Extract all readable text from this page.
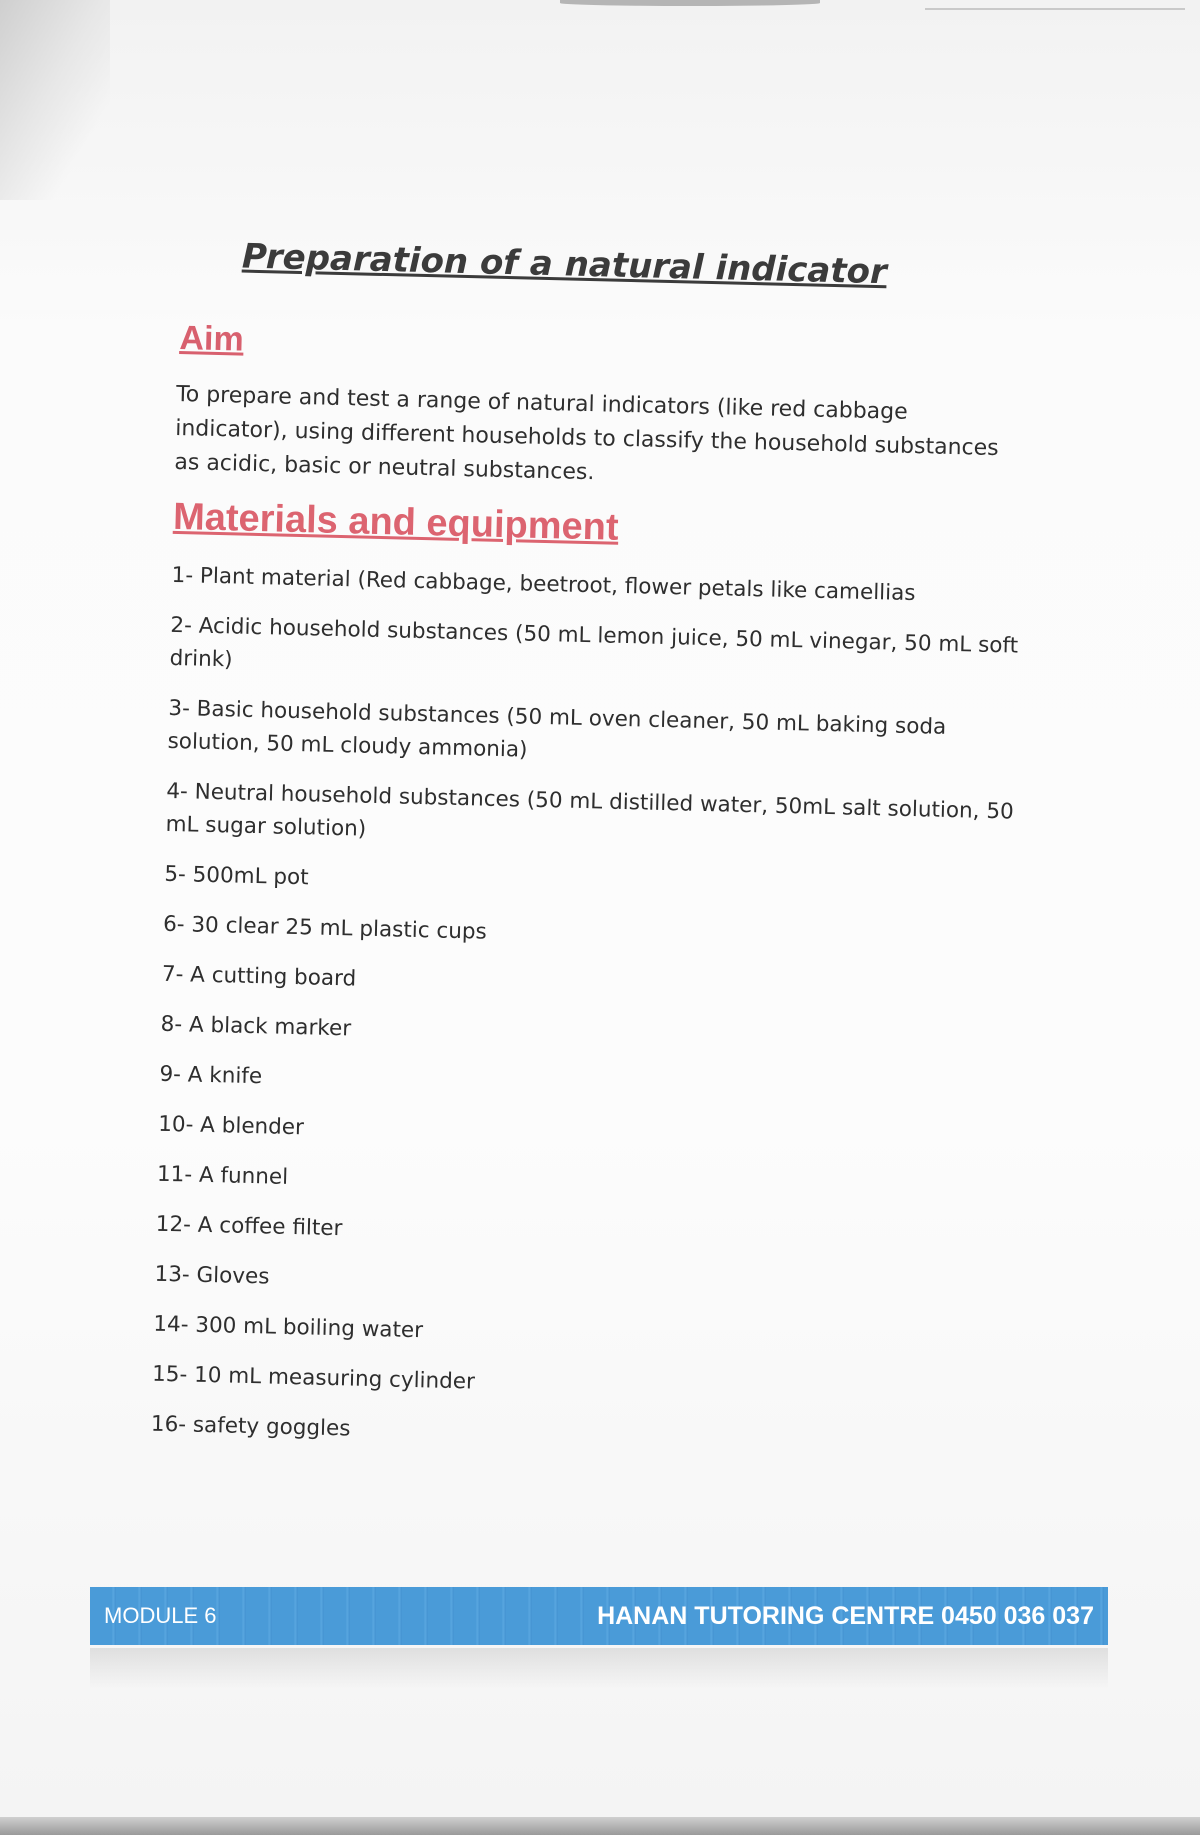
Preparation of a natural indicator
Aim

To prepare and test a range of natural indicators (like red cabbage indicator), using different households to classify the household substances as acidic, basic or neutral substances.

Materials and equipment
1- Plant material (Red cabbage, beetroot, flower petals like camellias
2- Acidic household substances (50 mL lemon juice, 50 mL vinegar, 50 mL soft drink)
3- Basic household substances (50 mL oven cleaner, 50 mL baking soda solution, 50 mL cloudy ammonia)
4- Neutral household substances (50 mL distilled water, 50mL salt solution, 50 mL sugar solution)
5- 500mL pot
6- 30 clear 25 mL plastic cups
7- A cutting board
8- A black marker
9- A knife
10- A blender
11- A funnel
12- A coffee filter
13- Gloves
14- 300 mL boiling water
15- 10 mL measuring cylinder
16- safety goggles
MODULE 6	HANAN TUTORING CENTRE 0450 036 037
